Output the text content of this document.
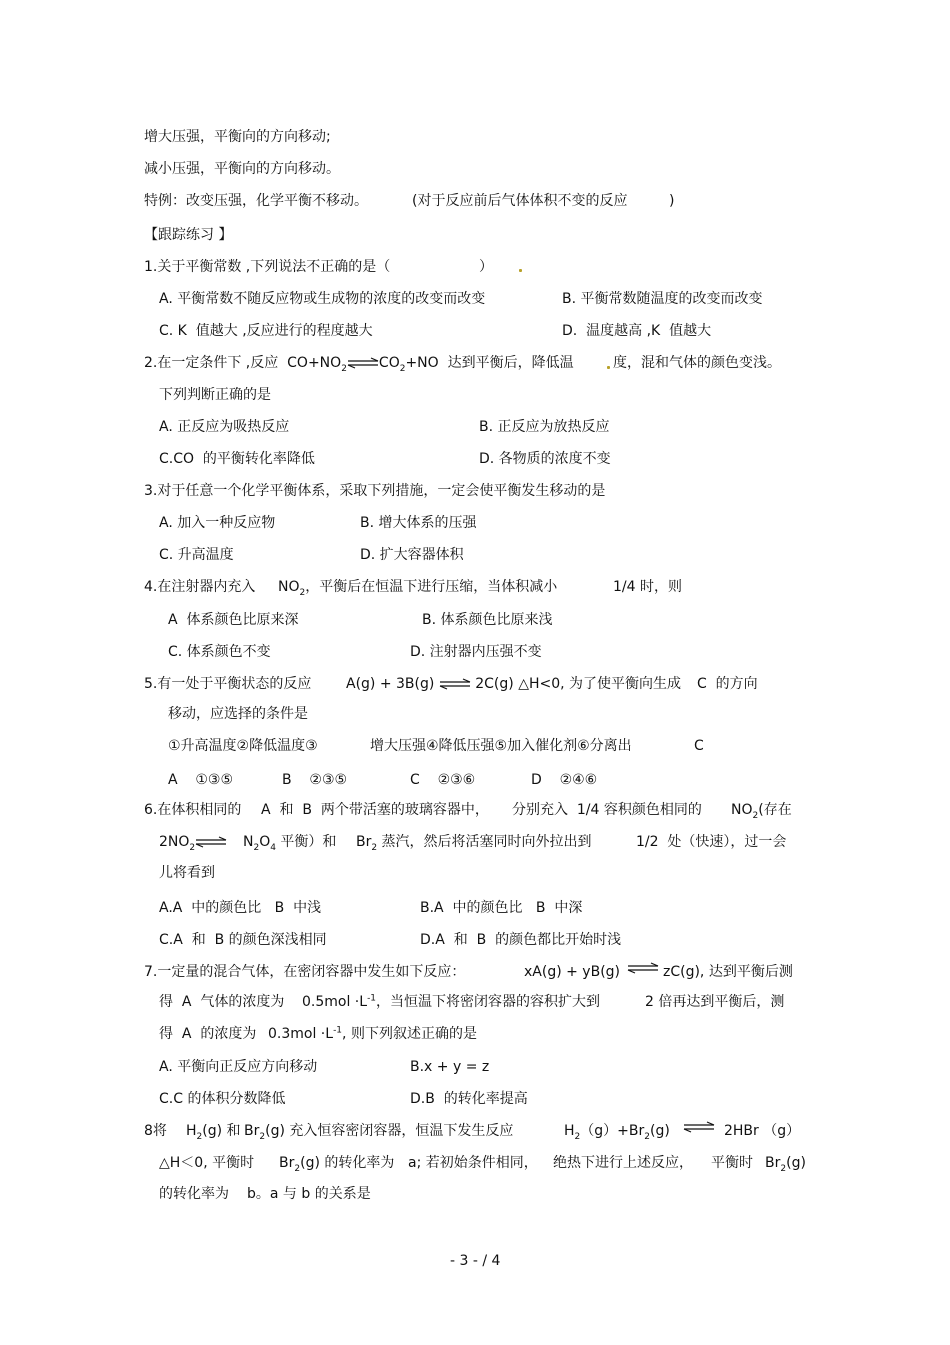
增大压强，平衡向的方向移动;
减小压强，平衡向的方向移动。
特例：改变压强，化学平衡不移动。	(对于反应前后气体体积不变的反应	)
【跟踪练习 】
1.关于平衡常数 ,下列说法不正确的是（	）
A. 平衡常数不随反应物或生成物的浓度的改变而改变	B. 平衡常数随温度的改变而改变
C. K  值越大 ,反应进行的程度越大	D.  温度越高 ,K  值越大
2.在一定条件下 ,反应  $CO+NO_2\rightleftharpoons CO_2+NO$  达到平衡后，降低温	度，混和气体的颜色变浅。
下列判断正确的是
A. 正反应为吸热反应	B. 正反应为放热反应
C.CO  的平衡转化率降低	D. 各物质的浓度不变
3.对于任意一个化学平衡体系，采取下列措施，一定会使平衡发生移动的是
A. 加入一种反应物	B. 增大体系的压强
C. 升高温度	D. 扩大容器体积
4.在注射器内充入 $NO_2$，平衡后在恒温下进行压缩，当体积减小	1/4 时，则
A  体系颜色比原来深	B. 体系颜色比原来浅
C. 体系颜色不变	D. 注射器内压强不变
5.有一处于平衡状态的反应 A(g) + 3B(g) ⇌ 2C(g) △H<0, 为了使平衡向生成 C  的方向
移动，应选择的条件是
①升高温度②降低温度③	增大压强④降低压强⑤加入催化剂⑥分离出	C
A    ①③⑤	B    ②③⑤	C    ②③⑥	D    ②④⑥
6.在体积相同的 A  和  B  两个带活塞的玻璃容器中， 分别充入  1/4 容积颜色相同的 $NO_2$(存在
$2NO_2\rightleftharpoons$ $N_2O_4$ 平衡）和 $Br_2$ 蒸汽，然后将活塞同时向外拉出到	1/2  处（快速），过一会
儿将看到
A.A  中的颜色比   B  中浅	B.A  中的颜色比   B  中深
C.A  和  B 的颜色深浅相同	D.A  和  B  的颜色都比开始时浅
7.一定量的混合气体，在密闭容器中发生如下反应：	xA(g) + yB(g)	zC(g), 达到平衡后测
得  A  气体的浓度为 $0.5mol \cdot L^{-1}$，当恒温下将密闭容器的容积扩大到	2 倍再达到平衡后，测
得  A  的浓度为 $0.3mol \cdot L^{-1}$, 则下列叙述正确的是
A. 平衡向正反应方向移动	B.x + y = z
C.C 的体积分数降低	D.B  的转化率提高
8将 $H_2(g)$ 和 $Br_2(g)$ 充入恒容密闭容器，恒温下发生反应	$H_2(g)+Br_2(g)$	2HBr （g）
△H＜0, 平衡时 $Br_2(g)$ 的转化率为 a; 若初始条件相同， 绝热下进行上述反应， 平衡时 $Br_2(g)$
的转化率为 b。a 与 b 的关系是
- 3 - / 4
